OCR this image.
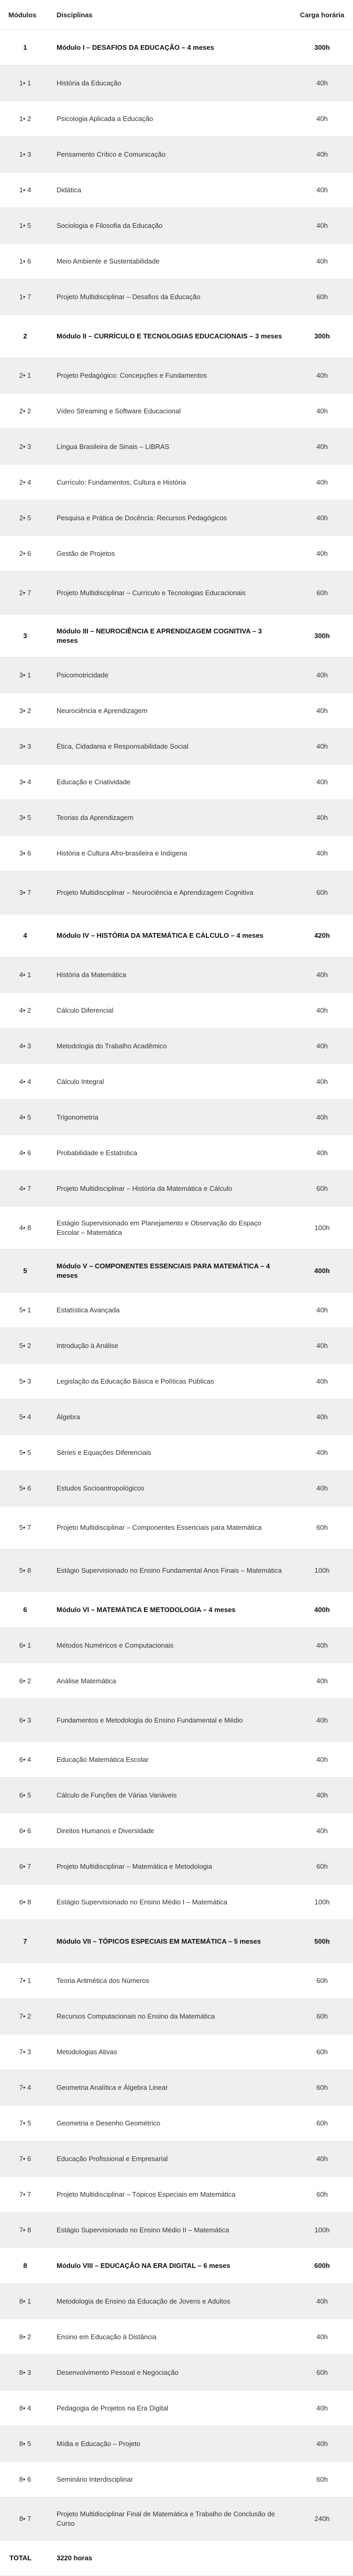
Módulos	Disciplinas	Carga horária
1	Módulo I – DESAFIOS DA EDUCAÇÃO – 4 meses	300h
1• 1	História da Educação	40h
1• 2	Psicologia Aplicada a Educação	40h
1• 3	Pensamento Crítico e Comunicação	40h
1• 4	Didática	40h
1• 5	Sociologia e Filosofia da Educação	40h
1• 6	Meio Ambiente e Sustentabilidade	40h
1• 7	Projeto Multidisciplinar – Desafios da Educação	60h
2	Módulo II – CURRÍCULO E TECNOLOGIAS EDUCACIONAIS – 3 meses	300h
2• 1	Projeto Pedagógico: Concepções e Fundamentos	40h
2• 2	Vídeo Streaming e Software Educacional	40h
2• 3	Língua Brasileira de Sinais – LIBRAS	40h
2• 4	Currículo: Fundamentos, Cultura e História	40h
2• 5	Pesquisa e Prática de Docência: Recursos Pedagógicos	40h
2• 6	Gestão de Projetos	40h
2• 7	Projeto Multidisciplinar – Currículo e Tecnologias Educacionais	60h
3	Módulo III – NEUROCIÊNCIA E APRENDIZAGEM COGNITIVA – 3 meses	300h
3• 1	Psicomotricidade	40h
3• 2	Neurociência e Aprendizagem	40h
3• 3	Ética, Cidadania e Responsabilidade Social	40h
3• 4	Educação e Criatividade	40h
3• 5	Teorias da Aprendizagem	40h
3• 6	História e Cultura Afro-brasileira e Indígena	40h
3• 7	Projeto Multidisciplinar – Neurociência e Aprendizagem Cognitiva	60h
4	Módulo IV – HISTÓRIA DA MATEMÁTICA E CÁLCULO – 4 meses	420h
4• 1	História da Matemática	40h
4• 2	Cálculo Diferencial	40h
4• 3	Metodologia do Trabalho Acadêmico	40h
4• 4	Cálculo Integral	40h
4• 5	Trigonometria	40h
4• 6	Probabilidade e Estatística	40h
4• 7	Projeto Multidisciplinar – História da Matemática e Cálculo	60h
4• 8	Estágio Supervisionado em Planejamento e Observação do Espaço Escolar – Matemática	100h
5	Módulo V – COMPONENTES ESSENCIAIS PARA MATEMÁTICA – 4 meses	400h
5• 1	Estatística Avançada	40h
5• 2	Introdução à Análise	40h
5• 3	Legislação da Educação Básica e Políticas Públicas	40h
5• 4	Álgebra	40h
5• 5	Séries e Equações Diferenciais	40h
5• 6	Estudos Socioantropológicos	40h
5• 7	Projeto Multidisciplinar – Componentes Essenciais para Matemática	60h
5• 8	Estágio Supervisionado no Ensino Fundamental Anos Finais – Matemática	100h
6	Módulo VI – MATEMÁTICA E METODOLOGIA – 4 meses	400h
6• 1	Métodos Numéricos e Computacionais	40h
6• 2	Análise Matemática	40h
6• 3	Fundamentos e Metodologia do Ensino Fundamental e Médio	40h
6• 4	Educação Matemática Escolar	40h
6• 5	Cálculo de Funções de Várias Variáveis	40h
6• 6	Direitos Humanos e Diversidade	40h
6• 7	Projeto Multidisciplinar – Matemática e Metodologia	60h
6• 8	Estágio Supervisionado no Ensino Médio I – Matemática	100h
7	Módulo VII – TÓPICOS ESPECIAIS EM MATEMÁTICA – 5 meses	500h
7• 1	Teoria Aritmética dos Números	60h
7• 2	Recursos Computacionais no Ensino da Matemática	60h
7• 3	Metodologias Ativas	60h
7• 4	Geometria Analítica e Álgebra Linear	60h
7• 5	Geometria e Desenho Geométrico	60h
7• 6	Educação Profissional e Empresarial	40h
7• 7	Projeto Multidisciplinar – Tópicos Especiais em Matemática	60h
7• 8	Estágio Supervisionado no Ensino Médio II – Matemática	100h
8	Módulo VIII – EDUCAÇÃO NA ERA DIGITAL – 6 meses	600h
8• 1	Metodologia de Ensino da Educação de Jovens e Adultos	40h
8• 2	Ensino em Educação à Distância	40h
8• 3	Desenvolvimento Pessoal e Negociação	60h
8• 4	Pedagogia de Projetos na Era Digital	40h
8• 5	Mídia e Educação – Projeto	40h
8• 6	Seminário Interdisciplinar	60h
8• 7	Projeto Multidisciplinar Final de Matemática e Trabalho de Conclusão de Curso	240h
TOTAL	3220 horas	
